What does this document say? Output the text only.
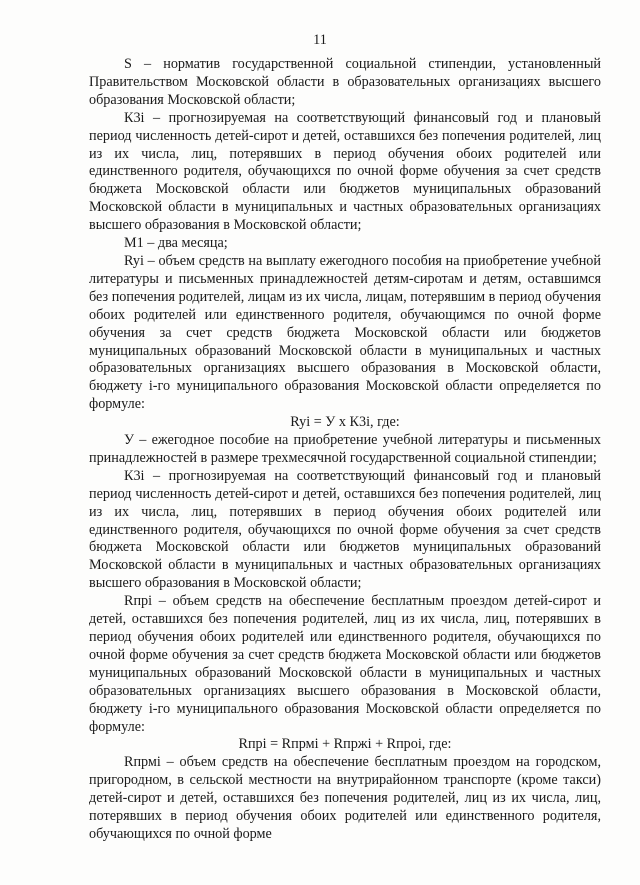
11

S – норматив государственной социальной стипендии, установленный Правительством Московской области в образовательных организациях высшего образования Московской области;

К3i – прогнозируемая на соответствующий финансовый год и плановый период численность детей-сирот и детей, оставшихся без попечения родителей, лиц из их числа, лиц, потерявших в период обучения обоих родителей или единственного родителя, обучающихся по очной форме обучения за счет средств бюджета Московской области или бюджетов муниципальных образований Московской области в муниципальных и частных образовательных организациях высшего образования в Московской области;

М1 – два месяца;

Ryi – объем средств на выплату ежегодного пособия на приобретение учебной литературы и письменных принадлежностей детям-сиротам и детям, оставшимся без попечения родителей, лицам из их числа, лицам, потерявшим в период обучения обоих родителей или единственного родителя, обучающимся по очной форме обучения за счет средств бюджета Московской области или бюджетов муниципальных образований Московской области в муниципальных и частных образовательных организациях высшего образования в Московской области, бюджету i-го муниципального образования Московской области определяется по формуле:

Ryi = У х К3i, где:

У – ежегодное пособие на приобретение учебной литературы и письменных принадлежностей в размере трехмесячной государственной социальной стипендии;

К3i – прогнозируемая на соответствующий финансовый год и плановый период численность детей-сирот и детей, оставшихся без попечения родителей, лиц из их числа, лиц, потерявших в период обучения обоих родителей или единственного родителя, обучающихся по очной форме обучения за счет средств бюджета Московской области или бюджетов муниципальных образований Московской области в муниципальных и частных образовательных организациях высшего образования в Московской области;

Rпрi – объем средств на обеспечение бесплатным проездом детей-сирот и детей, оставшихся без попечения родителей, лиц из их числа, лиц, потерявших в период обучения обоих родителей или единственного родителя, обучающихся по очной форме обучения за счет средств бюджета Московской области или бюджетов муниципальных образований Московской области в муниципальных и частных образовательных организациях высшего образования в Московской области, бюджету i-го муниципального образования Московской области определяется по формуле:

Rпрi = Rпрмi + Rпржi + Rпрoi, где:

Rпрмi – объем средств на обеспечение бесплатным проездом на городском, пригородном, в сельской местности на внутрирайонном транспорте (кроме такси) детей-сирот и детей, оставшихся без попечения родителей, лиц из их числа, лиц, потерявших в период обучения обоих родителей или единственного родителя, обучающихся по очной форме
